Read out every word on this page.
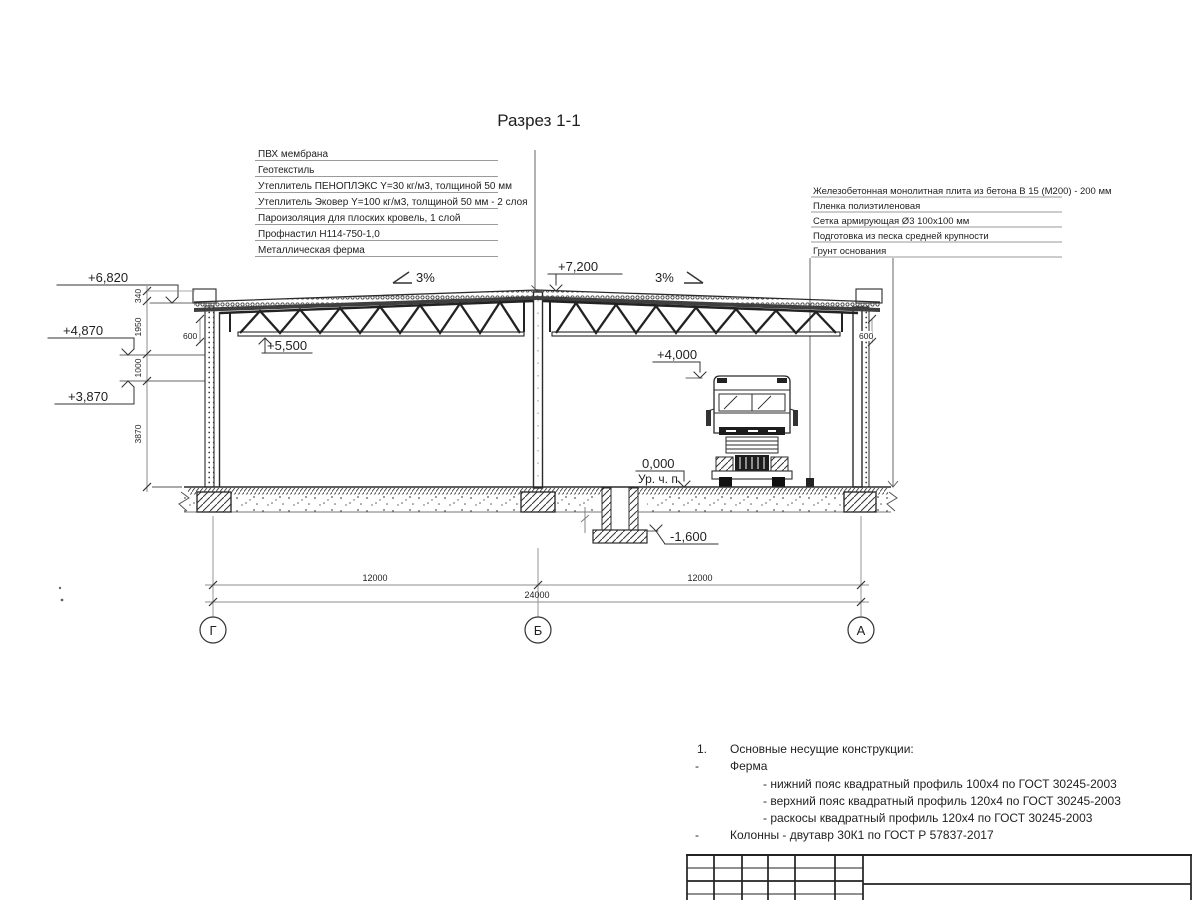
Разрез 1-1
ПВХ мембрана
Геотекстиль
Утеплитель ПЕНОПЛЭКС Y=30 кг/м3, толщиной 50 мм
Утеплитель Эковер Y=100 кг/м3, толщиной 50 мм - 2 слоя
Пароизоляция для плоских кровель, 1 слой
Профнастил Н114-750-1,0
Металлическая ферма
Железобетонная монолитная плита из бетона В 15 (М200) - 200 мм
Пленка полиэтиленовая
Сетка армирующая Ø3 100х100 мм
Подготовка из песка средней крупности
Грунт основания
+6,820
+4,870
+3,870
+7,200
+5,500
+4,000
0,000
Ур. ч. п.
-1,600
3%	3%
340
1950
1000
3870
600	600
12000	12000
24000
Г	Б	А
1. Основные несущие конструкции:
-	Ферма
- нижний пояс квадратный профиль 100х4 по ГОСТ 30245-2003
- верхний пояс квадратный профиль 120х4 по ГОСТ 30245-2003
- раскосы квадратный профиль 120х4 по ГОСТ 30245-2003
-	Колонны - двутавр 30К1 по ГОСТ Р 57837-2017
